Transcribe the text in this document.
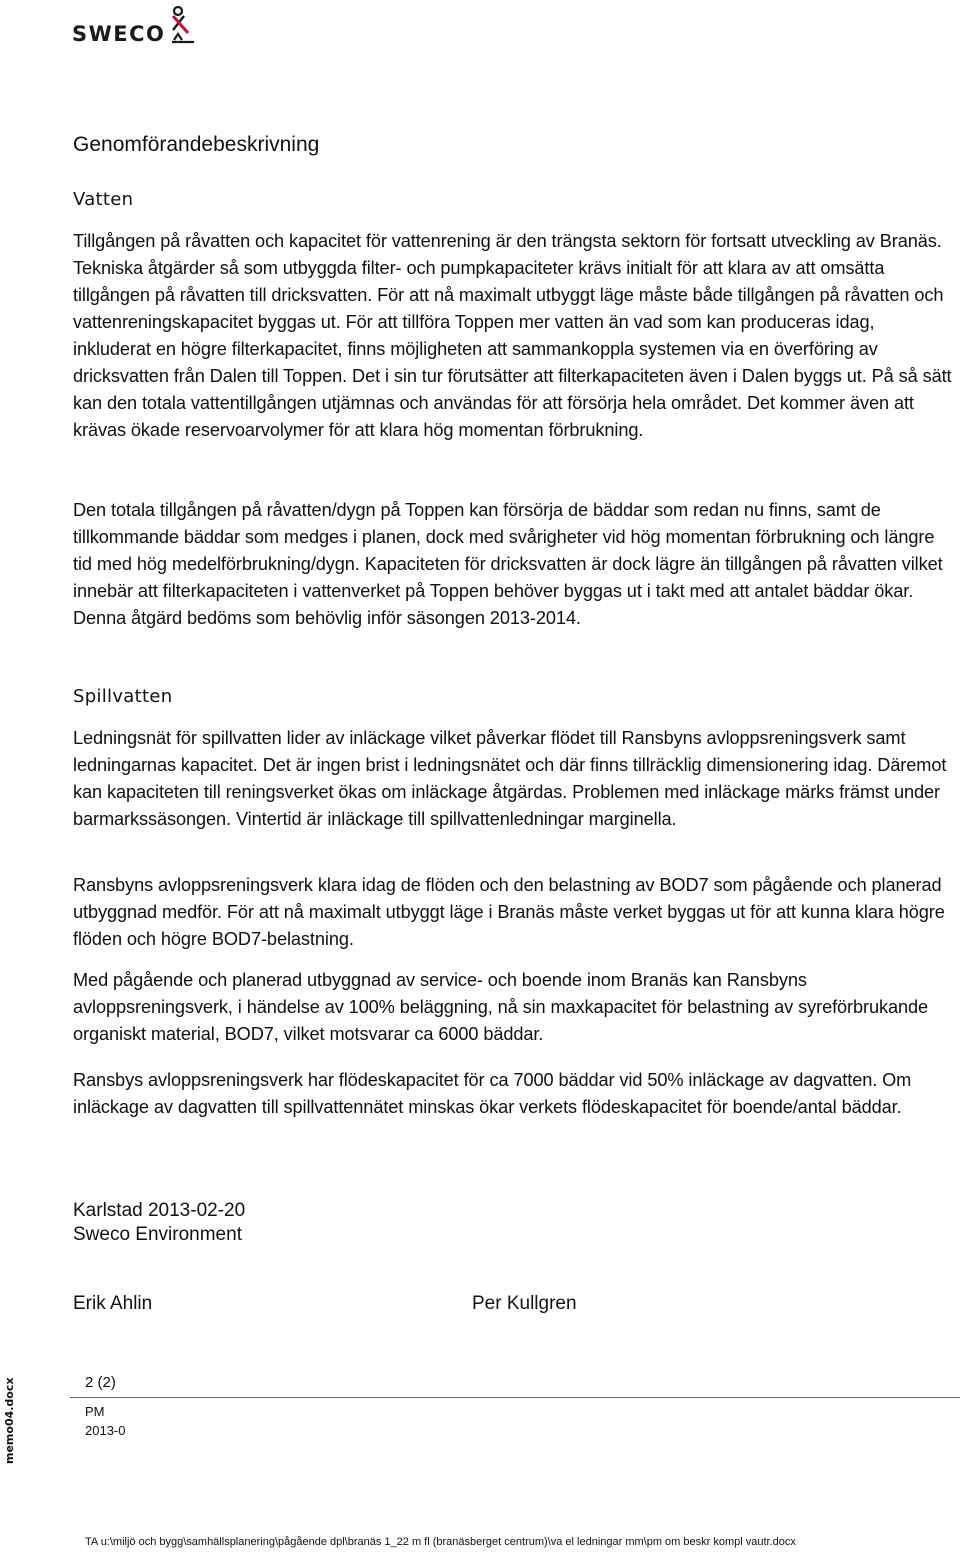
SWECO
Genomförandebeskrivning
Vatten

Tillgången på råvatten och kapacitet för vattenrening är den trängsta sektorn för fortsatt utveckling av Branäs. Tekniska åtgärder så som utbyggda filter- och pumpkapaciteter krävs initialt för att klara av att omsätta tillgången på råvatten till dricksvatten. För att nå maximalt utbyggt läge måste både tillgången på råvatten och vattenreningskapacitet byggas ut. För att tillföra Toppen mer vatten än vad som kan produceras idag, inkluderat en högre filterkapacitet, finns möjligheten att sammankoppla systemen via en överföring av dricksvatten från Dalen till Toppen. Det i sin tur förutsätter att filterkapaciteten även i Dalen byggs ut. På så sätt kan den totala vattentillgången utjämnas och användas för att försörja hela området. Det kommer även att krävas ökade reservoarvolymer för att klara hög momentan förbrukning.

Den totala tillgången på råvatten/dygn på Toppen kan försörja de bäddar som redan nu finns, samt de tillkommande bäddar som medges i planen, dock med svårigheter vid hög momentan förbrukning och längre tid med hög medelförbrukning/dygn. Kapaciteten för dricksvatten är dock lägre än tillgången på råvatten vilket innebär att filterkapaciteten i vattenverket på Toppen behöver byggas ut i takt med att antalet bäddar ökar. Denna åtgärd bedöms som behövlig inför säsongen 2013-2014.

Spillvatten

Ledningsnät för spillvatten lider av inläckage vilket påverkar flödet till Ransbyns avloppsreningsverk samt ledningarnas kapacitet. Det är ingen brist i ledningsnätet och där finns tillräcklig dimensionering idag. Däremot kan kapaciteten till reningsverket ökas om inläckage åtgärdas. Problemen med inläckage märks främst under barmarkssäsongen. Vintertid är inläckage till spillvattenledningar marginella.

Ransbyns avloppsreningsverk klara idag de flöden och den belastning av BOD7 som pågående och planerad utbyggnad medför. För att nå maximalt utbyggt läge i Branäs måste verket byggas ut för att kunna klara högre flöden och högre BOD7-belastning.

Med pågående och planerad utbyggnad av service- och boende inom Branäs kan Ransbyns avloppsreningsverk, i händelse av 100% beläggning, nå sin maxkapacitet för belastning av syreförbrukande organiskt material, BOD7, vilket motsvarar ca 6000 bäddar.

Ransbys avloppsreningsverk har flödeskapacitet för ca 7000 bäddar vid 50% inläckage av dagvatten. Om inläckage av dagvatten till spillvattennätet minskas ökar verkets flödeskapacitet för boende/antal bäddar.

Karlstad 2013-02-20

Sweco Environment

Erik Ahlin	Per Kullgren

2 (2)

PM

2013-0

memo04.docx

TA u:\miljö och bygg\samhällsplanering\pågående dpl\branäs 1_22 m fl (branäsberget centrum)\va el ledningar mm\pm om beskr kompl vautr.docx
